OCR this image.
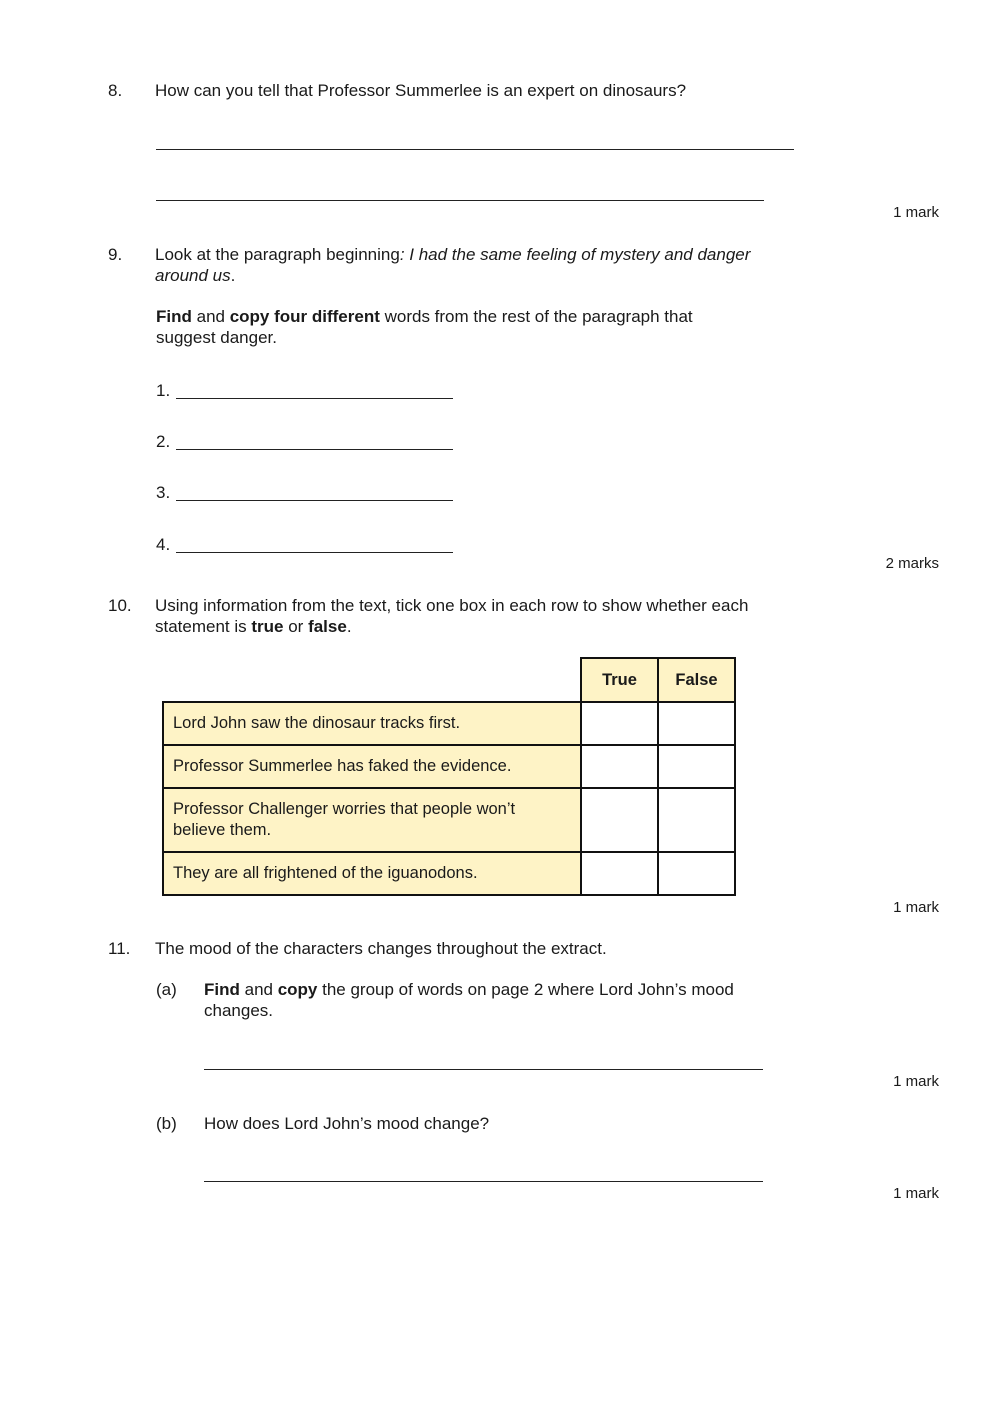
8. How can you tell that Professor Summerlee is an expert on dinosaurs?
1 mark
9. Look at the paragraph beginning: I had the same feeling of mystery and danger around us.
Find and copy four different words from the rest of the paragraph that suggest danger.
1.
2.
3.
4.
2 marks
10. Using information from the text, tick one box in each row to show whether each statement is true or false.
	True	False
Lord John saw the dinosaur tracks first.		
Professor Summerlee has faked the evidence.		
Professor Challenger worries that people won’t believe them.		
They are all frightened of the iguanodons.		
1 mark
11. The mood of the characters changes throughout the extract.
(a) Find and copy the group of words on page 2 where Lord John’s mood changes.
1 mark
(b) How does Lord John’s mood change?
1 mark
